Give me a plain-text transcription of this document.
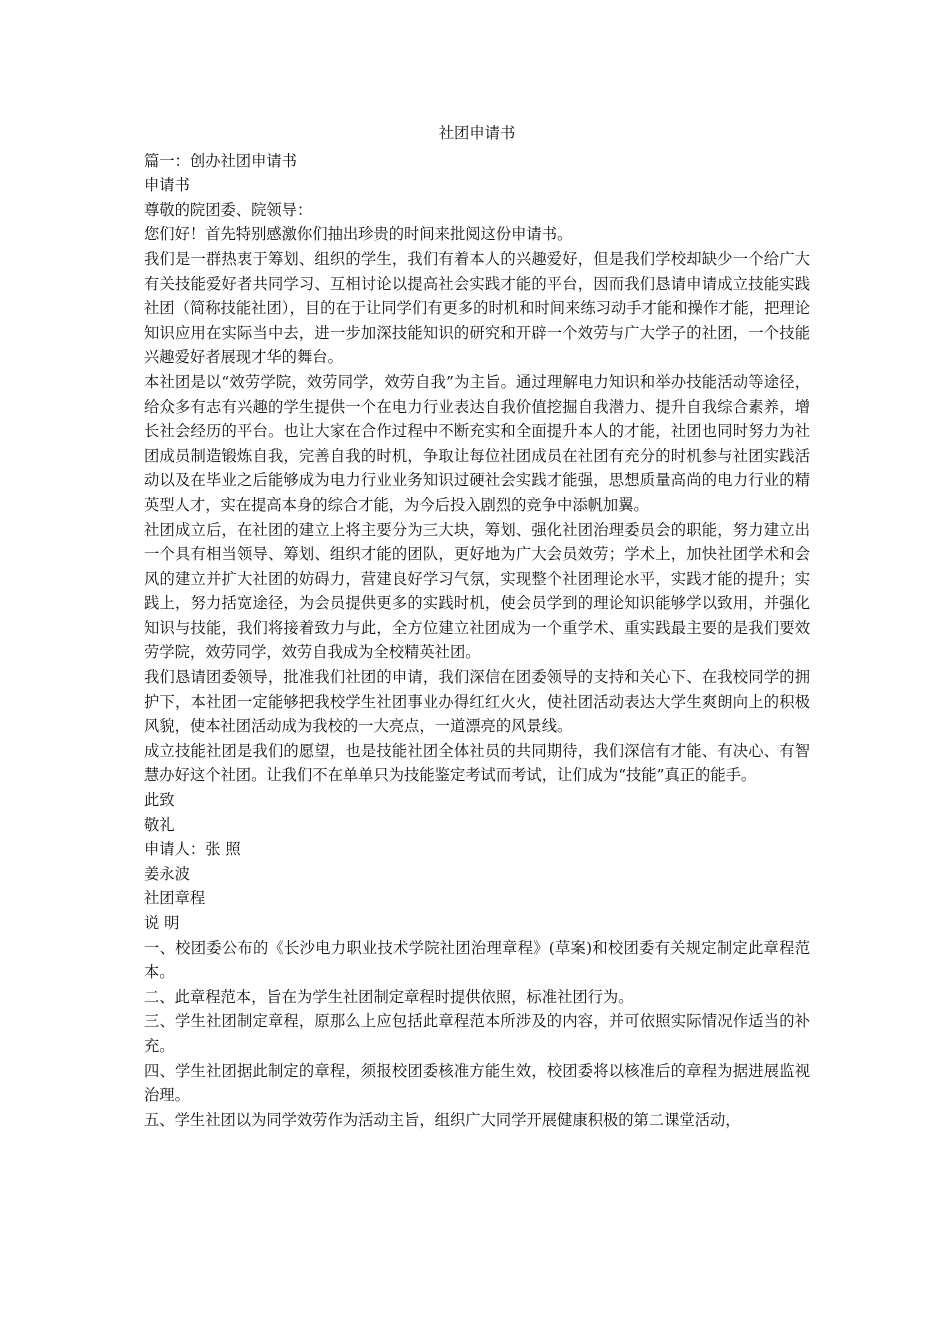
社团申请书

篇一：创办社团申请书

申请书

尊敬的院团委、院领导：

您们好！首先特别感激你们抽出珍贵的时间来批阅这份申请书。

我们是一群热衷于筹划、组织的学生，我们有着本人的兴趣爱好，但是我们学校却缺少一个给广大有关技能爱好者共同学习、互相讨论以提高社会实践才能的平台，因而我们恳请申请成立技能实践社团（简称技能社团），目的在于让同学们有更多的时机和时间来练习动手才能和操作才能，把理论知识应用在实际当中去，进一步加深技能知识的研究和开辟一个效劳与广大学子的社团，一个技能兴趣爱好者展现才华的舞台。

本社团是以“效劳学院，效劳同学，效劳自我”为主旨。通过理解电力知识和举办技能活动等途径，给众多有志有兴趣的学生提供一个在电力行业表达自我价值挖掘自我潜力、提升自我综合素养，增长社会经历的平台。也让大家在合作过程中不断充实和全面提升本人的才能，社团也同时努力为社团成员制造锻炼自我，完善自我的时机，争取让每位社团成员在社团有充分的时机参与社团实践活动以及在毕业之后能够成为电力行业业务知识过硬社会实践才能强，思想质量高尚的电力行业的精英型人才，实在提高本身的综合才能，为今后投入剧烈的竞争中添帆加翼。

社团成立后，在社团的建立上将主要分为三大块，筹划、强化社团治理委员会的职能，努力建立出一个具有相当领导、筹划、组织才能的团队，更好地为广大会员效劳；学术上，加快社团学术和会风的建立并扩大社团的妨碍力，营建良好学习气氛，实现整个社团理论水平，实践才能的提升；实践上，努力括宽途径，为会员提供更多的实践时机，使会员学到的理论知识能够学以致用，并强化知识与技能，我们将接着致力与此，全方位建立社团成为一个重学术、重实践最主要的是我们要效劳学院，效劳同学，效劳自我成为全校精英社团。

我们恳请团委领导，批准我们社团的申请，我们深信在团委领导的支持和关心下、在我校同学的拥护下，本社团一定能够把我校学生社团事业办得红红火火，使社团活动表达大学生爽朗向上的积极风貌，使本社团活动成为我校的一大亮点，一道漂亮的风景线。

成立技能社团是我们的愿望，也是技能社团全体社员的共同期待，我们深信有才能、有决心、有智慧办好这个社团。让我们不在单单只为技能鉴定考试而考试，让们成为“技能”真正的能手。

此致

敬礼

申请人：张 照

姜永波

社团章程

说 明

一、校团委公布的《长沙电力职业技术学院社团治理章程》(草案)和校团委有关规定制定此章程范本。

二、此章程范本，旨在为学生社团制定章程时提供依照，标准社团行为。

三、学生社团制定章程，原那么上应包括此章程范本所涉及的内容，并可依照实际情况作适当的补充。

四、学生社团据此制定的章程，须报校团委核准方能生效，校团委将以核准后的章程为据进展监视治理。

五、学生社团以为同学效劳作为活动主旨，组织广大同学开展健康积极的第二课堂活动，
